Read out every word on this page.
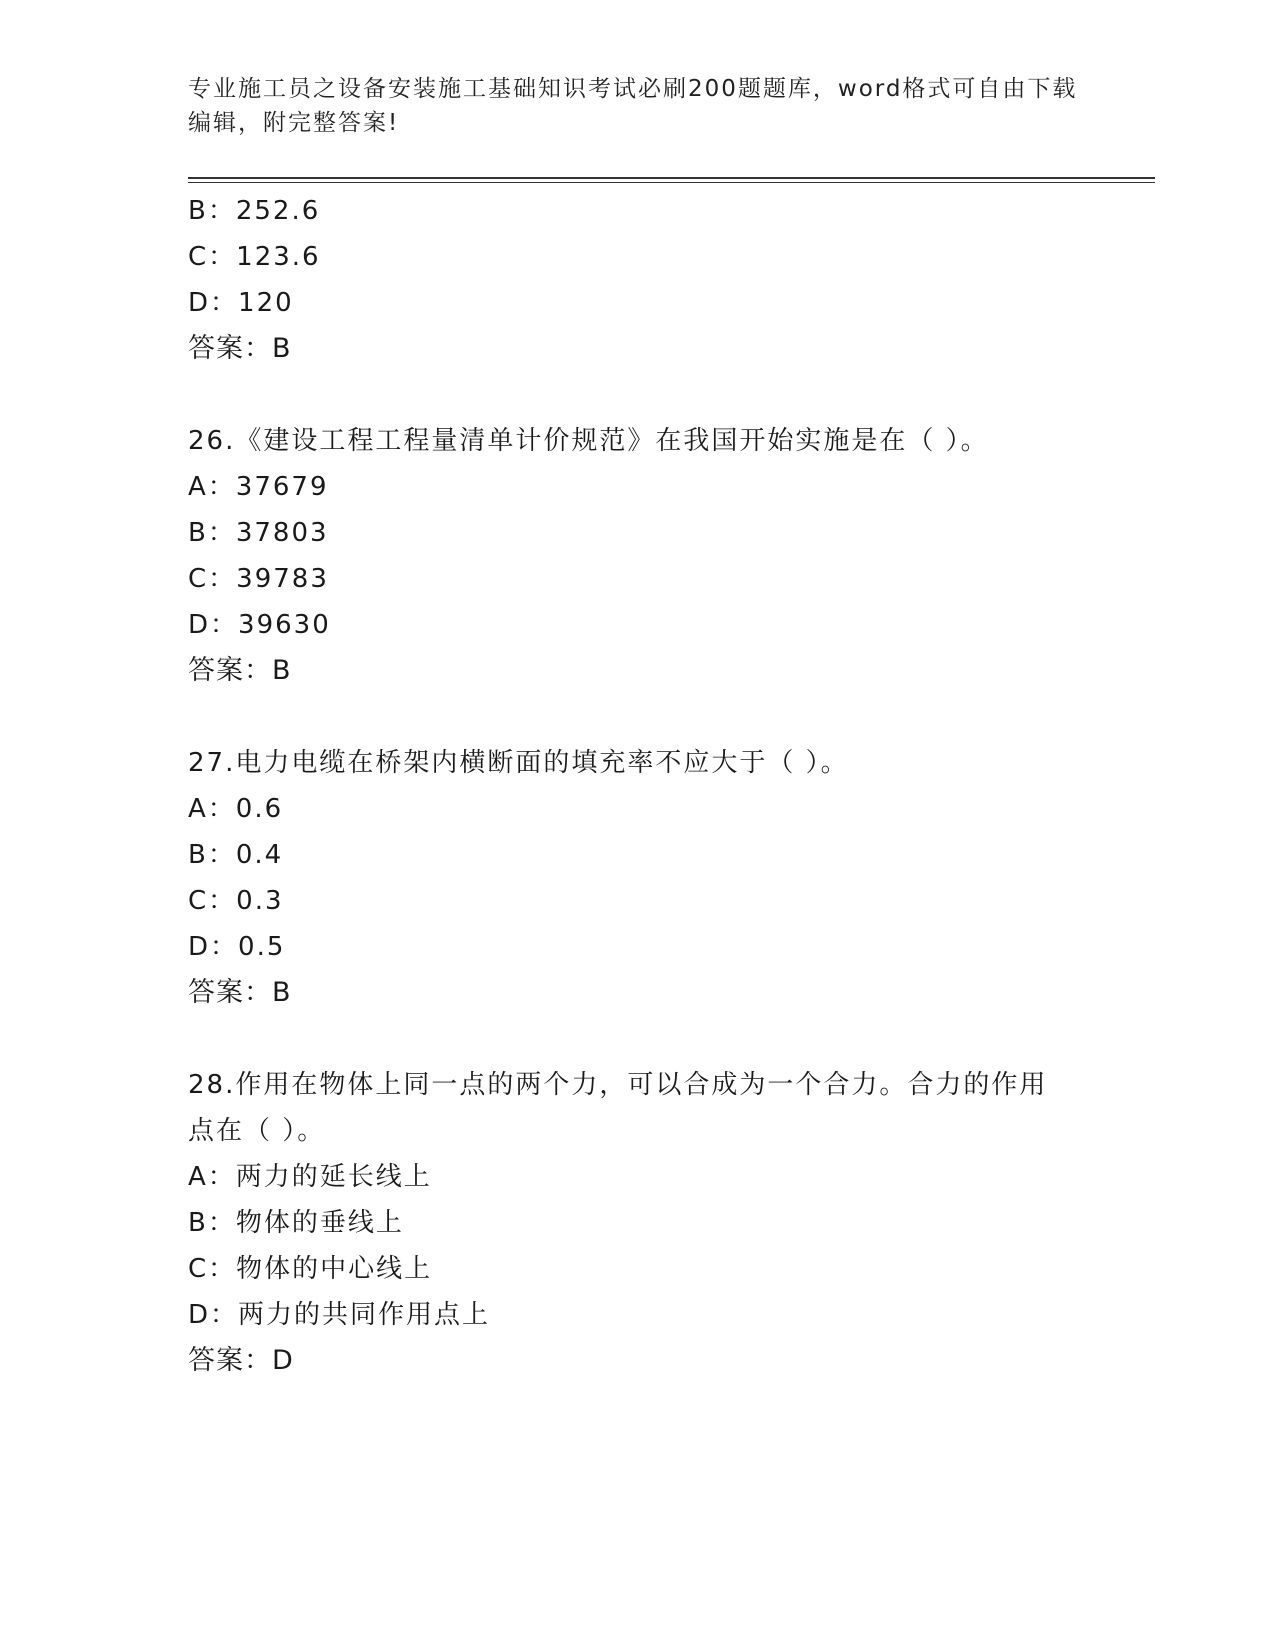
专业施工员之设备安装施工基础知识考试必刷200题题库，word格式可自由下载
编辑，附完整答案!
B：252.6
C：123.6
D：120
答案：B
26.《建设工程工程量清单计价规范》在我国开始实施是在（ ）。
A：37679
B：37803
C：39783
D：39630
答案：B
27.电力电缆在桥架内横断面的填充率不应大于（ ）。
A：0.6
B：0.4
C：0.3
D：0.5
答案：B
28.作用在物体上同一点的两个力，可以合成为一个合力。合力的作用
点在（ ）。
A：两力的延长线上
B：物体的垂线上
C：物体的中心线上
D：两力的共同作用点上
答案：D
